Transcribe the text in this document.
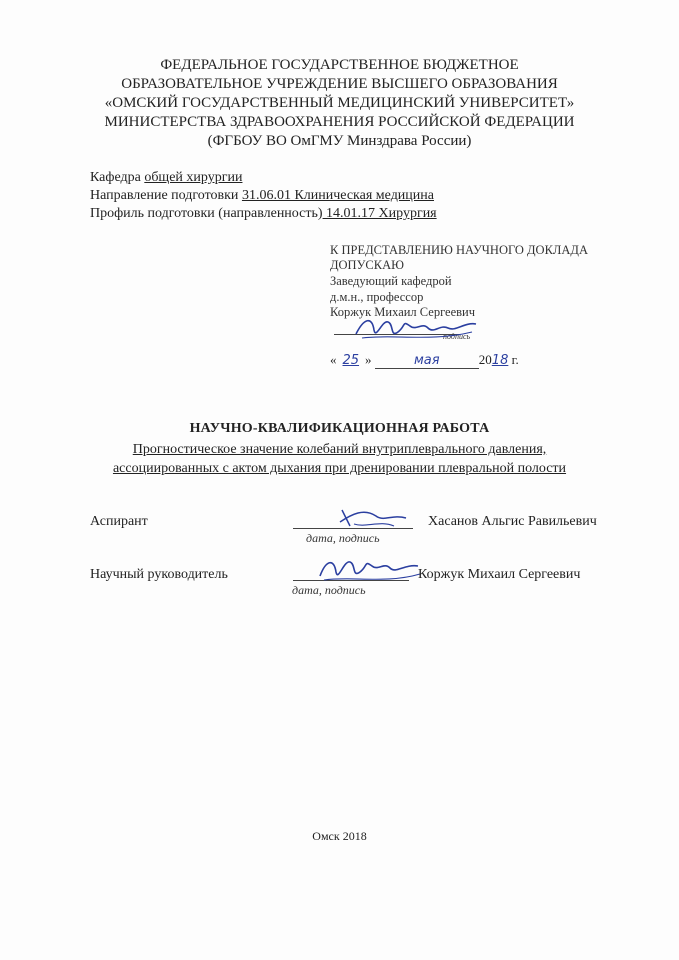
ФЕДЕРАЛЬНОЕ ГОСУДАРСТВЕННОЕ БЮДЖЕТНОЕ
ОБРАЗОВАТЕЛЬНОЕ УЧРЕЖДЕНИЕ ВЫСШЕГО ОБРАЗОВАНИЯ
«ОМСКИЙ ГОСУДАРСТВЕННЫЙ МЕДИЦИНСКИЙ УНИВЕРСИТЕТ»
МИНИСТЕРСТВА ЗДРАВООХРАНЕНИЯ РОССИЙСКОЙ ФЕДЕРАЦИИ
(ФГБОУ ВО ОмГМУ Минздрава России)
Кафедра общей хирургии
Направление подготовки 31.06.01 Клиническая медицина
Профиль подготовки (направленность) 14.01.17 Хирургия
К ПРЕДСТАВЛЕНИЮ НАУЧНОГО ДОКЛАДА
ДОПУСКАЮ
Заведующий кафедрой
д.м.н., профессор
Коржук Михаил Сергеевич
подпись
« 25 »	мая	2018 г.
НАУЧНО-КВАЛИФИКАЦИОННАЯ РАБОТА
Прогностическое значение колебаний внутриплеврального давления,
ассоциированных с актом дыхания при дренировании плевральной полости
Аспирант	Хасанов Альгис Равильевич
дата, подпись
Научный руководитель	Коржук Михаил Сергеевич
дата, подпись
Омск 2018
